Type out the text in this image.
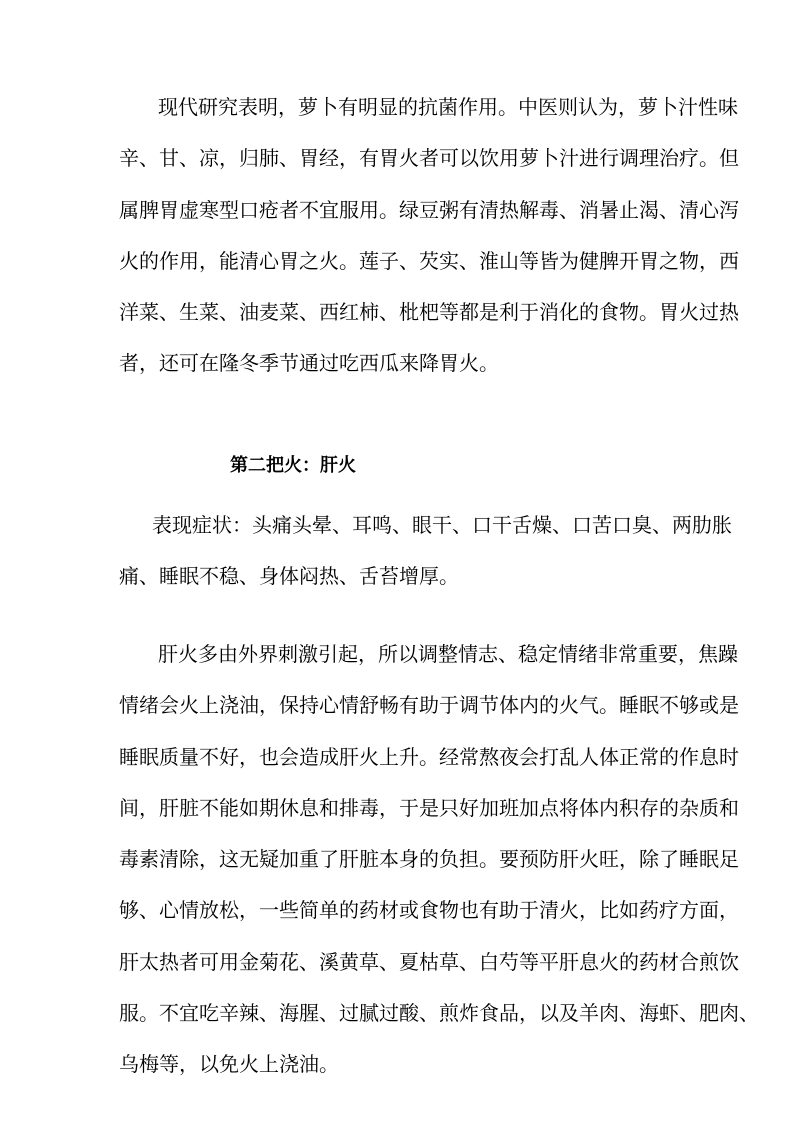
现代研究表明，萝卜有明显的抗菌作用。中医则认为，萝卜汁性味
辛、甘、凉，归肺、胃经，有胃火者可以饮用萝卜汁进行调理治疗。但
属脾胃虚寒型口疮者不宜服用。绿豆粥有清热解毒、消暑止渴、清心泻
火的作用，能清心胃之火。莲子、芡实、淮山等皆为健脾开胃之物，西
洋菜、生菜、油麦菜、西红柿、枇杷等都是利于消化的食物。胃火过热
者，还可在隆冬季节通过吃西瓜来降胃火。
第二把火：肝火
表现症状：头痛头晕、耳鸣、眼干、口干舌燥、口苦口臭、两肋胀
痛、睡眠不稳、身体闷热、舌苔增厚。
肝火多由外界刺激引起，所以调整情志、稳定情绪非常重要，焦躁
情绪会火上浇油，保持心情舒畅有助于调节体内的火气。睡眠不够或是
睡眠质量不好，也会造成肝火上升。经常熬夜会打乱人体正常的作息时
间，肝脏不能如期休息和排毒，于是只好加班加点将体内积存的杂质和
毒素清除，这无疑加重了肝脏本身的负担。要预防肝火旺，除了睡眠足
够、心情放松，一些简单的药材或食物也有助于清火，比如药疗方面，
肝太热者可用金菊花、溪黄草、夏枯草、白芍等平肝息火的药材合煎饮
服。不宜吃辛辣、海腥、过腻过酸、煎炸食品，以及羊肉、海虾、肥肉、
乌梅等，以免火上浇油。
